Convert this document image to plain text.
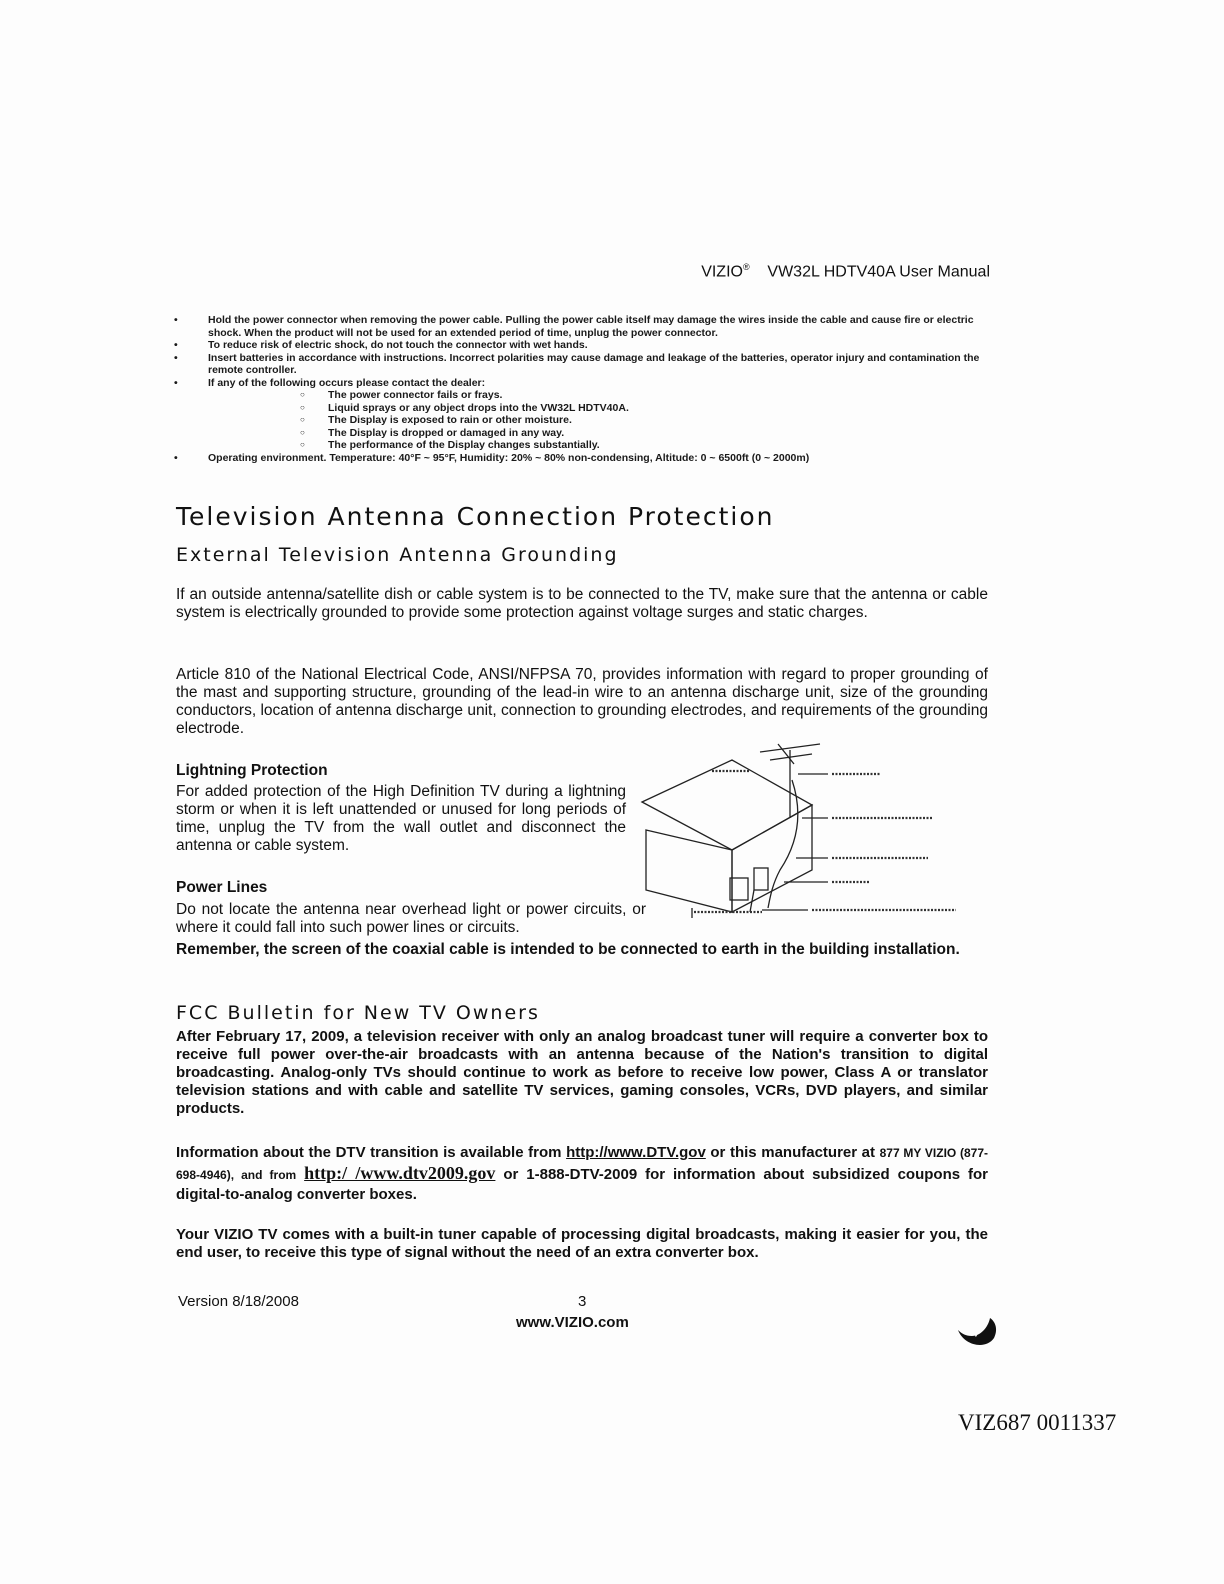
VIZIO® VW32L HDTV40A User Manual
• Hold the power connector when removing the power cable. Pulling the power cable itself may damage the wires inside the cable and cause fire or electric shock. When the product will not be used for an extended period of time, unplug the power connector.
• To reduce risk of electric shock, do not touch the connector with wet hands.
• Insert batteries in accordance with instructions. Incorrect polarities may cause damage and leakage of the batteries, operator injury and contamination the remote controller.
• If any of the following occurs please contact the dealer:
○ The power connector fails or frays.
○ Liquid sprays or any object drops into the VW32L HDTV40A.
○ The Display is exposed to rain or other moisture.
○ The Display is dropped or damaged in any way.
○ The performance of the Display changes substantially.
• Operating environment. Temperature: 40°F ~ 95°F, Humidity: 20% ~ 80% non-condensing, Altitude: 0 ~ 6500ft (0 ~ 2000m)
Television Antenna Connection Protection
External Television Antenna Grounding
If an outside antenna/satellite dish or cable system is to be connected to the TV, make sure that the antenna or cable system is electrically grounded to provide some protection against voltage surges and static charges.
Article 810 of the National Electrical Code, ANSI/NFPSA 70, provides information with regard to proper grounding of the mast and supporting structure, grounding of the lead-in wire to an antenna discharge unit, size of the grounding conductors, location of antenna discharge unit, connection to grounding electrodes, and requirements of the grounding electrode.
Lightning Protection
For added protection of the High Definition TV during a lightning storm or when it is left unattended or unused for long periods of time, unplug the TV from the wall outlet and disconnect the antenna or cable system.
Power Lines
Do not locate the antenna near overhead light or power circuits, or where it could fall into such power lines or circuits.
Remember, the screen of the coaxial cable is intended to be connected to earth in the building installation.
FCC Bulletin for New TV Owners
After February 17, 2009, a television receiver with only an analog broadcast tuner will require a converter box to receive full power over-the-air broadcasts with an antenna because of the Nation's transition to digital broadcasting. Analog-only TVs should continue to work as before to receive low power, Class A or translator television stations and with cable and satellite TV services, gaming consoles, VCRs, DVD players, and similar products.
Information about the DTV transition is available from http://www.DTV.gov or this manufacturer at 877 MY VIZIO (877-698-4946), and from http:/ /www.dtv2009.gov or 1-888-DTV-2009 for information about subsidized coupons for digital-to-analog converter boxes.
Your VIZIO TV comes with a built-in tuner capable of processing digital broadcasts, making it easier for you, the end user, to receive this type of signal without the need of an extra converter box.
Version 8/18/2008	3
www.VIZIO.com
VIZ687 0011337
